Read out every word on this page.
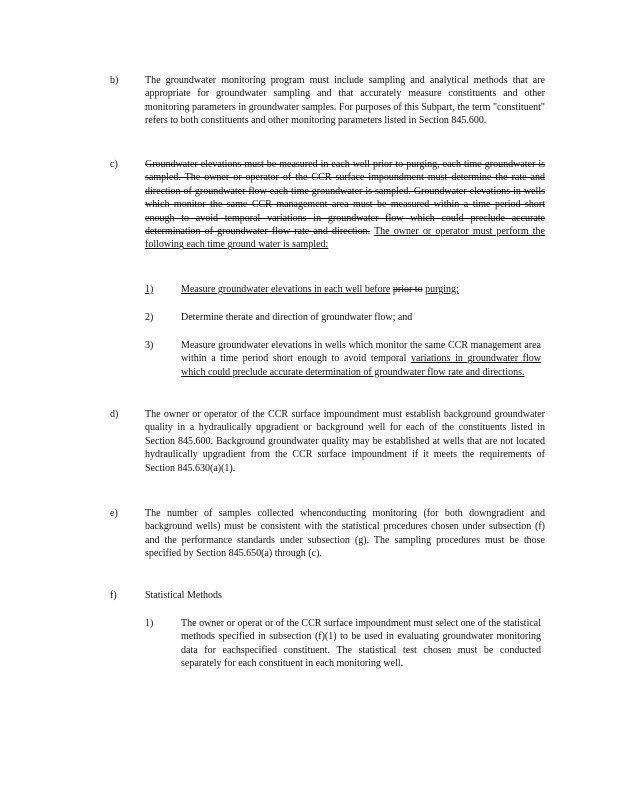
b)	The groundwater monitoring program must include sampling and analytical methods that are appropriate for groundwater sampling and that accurately measure constituents and other monitoring parameters in groundwater samples. For purposes of this Subpart, the term "constituent" refers to both constituents and other monitoring parameters listed in Section 845.600.

c)	Groundwater elevations must be measured in each well prior to purging, each time groundwater is sampled. The owner or operator of the CCR surface impoundment must determine the rate and direction of groundwater flow each time groundwater is sampled. Groundwater elevations in wells which monitor the same CCR management area must be measured within a time period short enough to avoid temporal variations in groundwater flow which could preclude accurate determination of groundwater flow rate and direction. The owner or operator must perform the following each time ground water is sampled:

1)	Measure groundwater elevations in each well before prior to purging;

2)	Determine therate and direction of groundwater flow; and

3)	Measure groundwater elevations in wells which monitor the same CCR management area within a time period short enough to avoid temporal variations in groundwater flow which could preclude accurate determination of groundwater flow rate and directions.

d)	The owner or operator of the CCR surface impoundment must establish background groundwater quality in a hydraulically upgradient or background well for each of the constituents listed in Section 845.600. Background groundwater quality may be established at wells that are not located hydraulically upgradient from the CCR surface impoundment if it meets the requirements of Section 845.630(a)(1).

e)	The number of samples collected whenconducting monitoring (for both downgradient and background wells) must be consistent with the statistical procedures chosen under subsection (f) and the performance standards under subsection (g). The sampling procedures must be those specified by Section 845.650(a) through (c).

f)	Statistical Methods

1)	The owner or operat or of the CCR surface impoundment must select one of the statistical methods specified in subsection (f)(1) to be used in evaluating groundwater monitoring data for eachspecified constituent. The statistical test chosen must be conducted separately for each constituent in each monitoring well.
